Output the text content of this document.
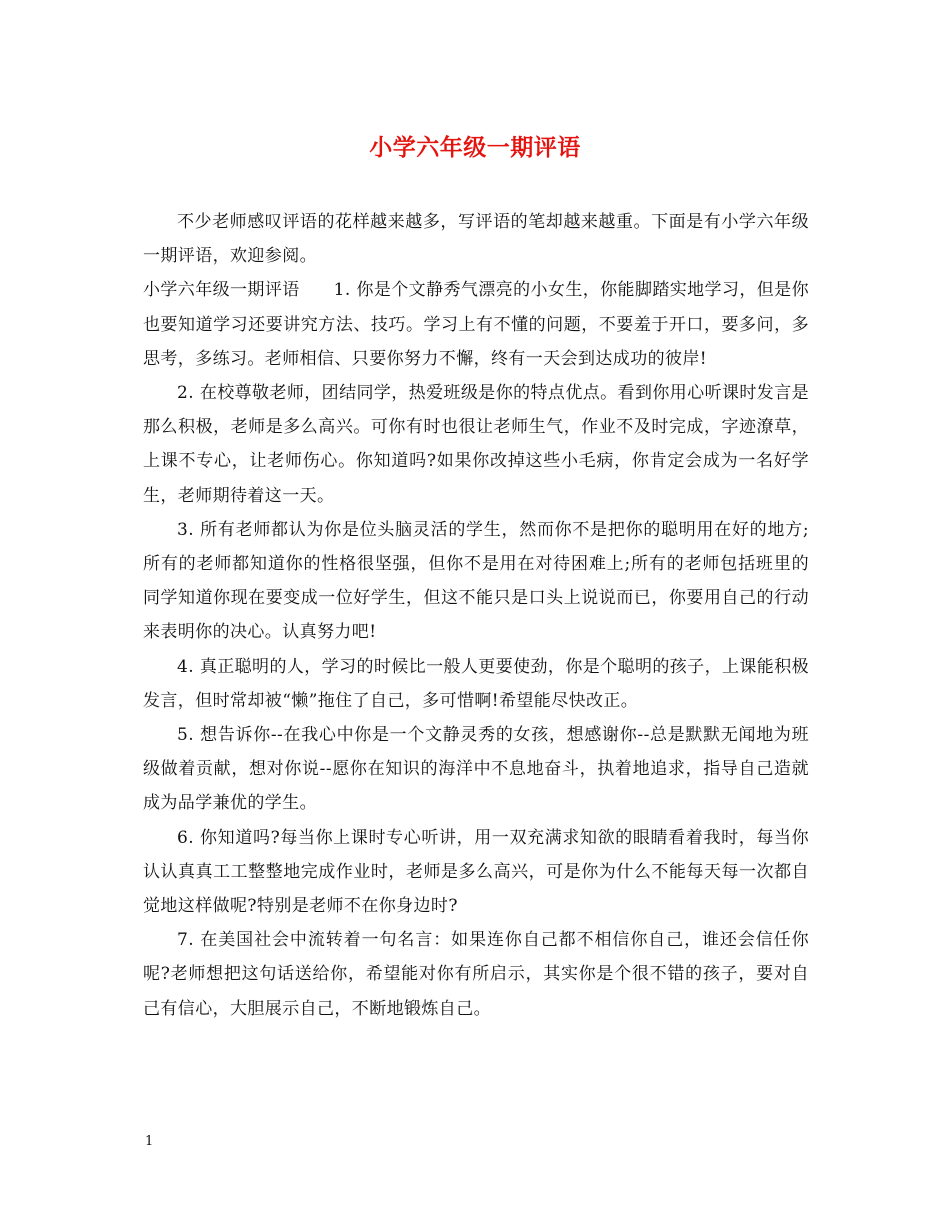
小学六年级一期评语

不少老师感叹评语的花样越来越多，写评语的笔却越来越重。下面是有小学六年级一期评语，欢迎参阅。

小学六年级一期评语 1. 你是个文静秀气漂亮的小女生，你能脚踏实地学习，但是你也要知道学习还要讲究方法、技巧。学习上有不懂的问题，不要羞于开口，要多问，多思考，多练习。老师相信、只要你努力不懈，终有一天会到达成功的彼岸!

2. 在校尊敬老师，团结同学，热爱班级是你的特点优点。看到你用心听课时发言是那么积极，老师是多么高兴。可你有时也很让老师生气，作业不及时完成，字迹潦草，上课不专心，让老师伤心。你知道吗?如果你改掉这些小毛病，你肯定会成为一名好学生，老师期待着这一天。

3. 所有老师都认为你是位头脑灵活的学生，然而你不是把你的聪明用在好的地方;所有的老师都知道你的性格很坚强，但你不是用在对待困难上;所有的老师包括班里的同学知道你现在要变成一位好学生，但这不能只是口头上说说而已，你要用自己的行动来表明你的决心。认真努力吧!

4. 真正聪明的人，学习的时候比一般人更要使劲，你是个聪明的孩子，上课能积极发言，但时常却被“懒”拖住了自己，多可惜啊!希望能尽快改正。

5. 想告诉你--在我心中你是一个文静灵秀的女孩，想感谢你--总是默默无闻地为班级做着贡献，想对你说--愿你在知识的海洋中不息地奋斗，执着地追求，指导自己造就成为品学兼优的学生。

6. 你知道吗?每当你上课时专心听讲，用一双充满求知欲的眼睛看着我时，每当你认认真真工工整整地完成作业时，老师是多么高兴，可是你为什么不能每天每一次都自觉地这样做呢?特别是老师不在你身边时?

7. 在美国社会中流转着一句名言：如果连你自己都不相信你自己，谁还会信任你呢?老师想把这句话送给你，希望能对你有所启示，其实你是个很不错的孩子，要对自己有信心，大胆展示自己，不断地锻炼自己。

1
